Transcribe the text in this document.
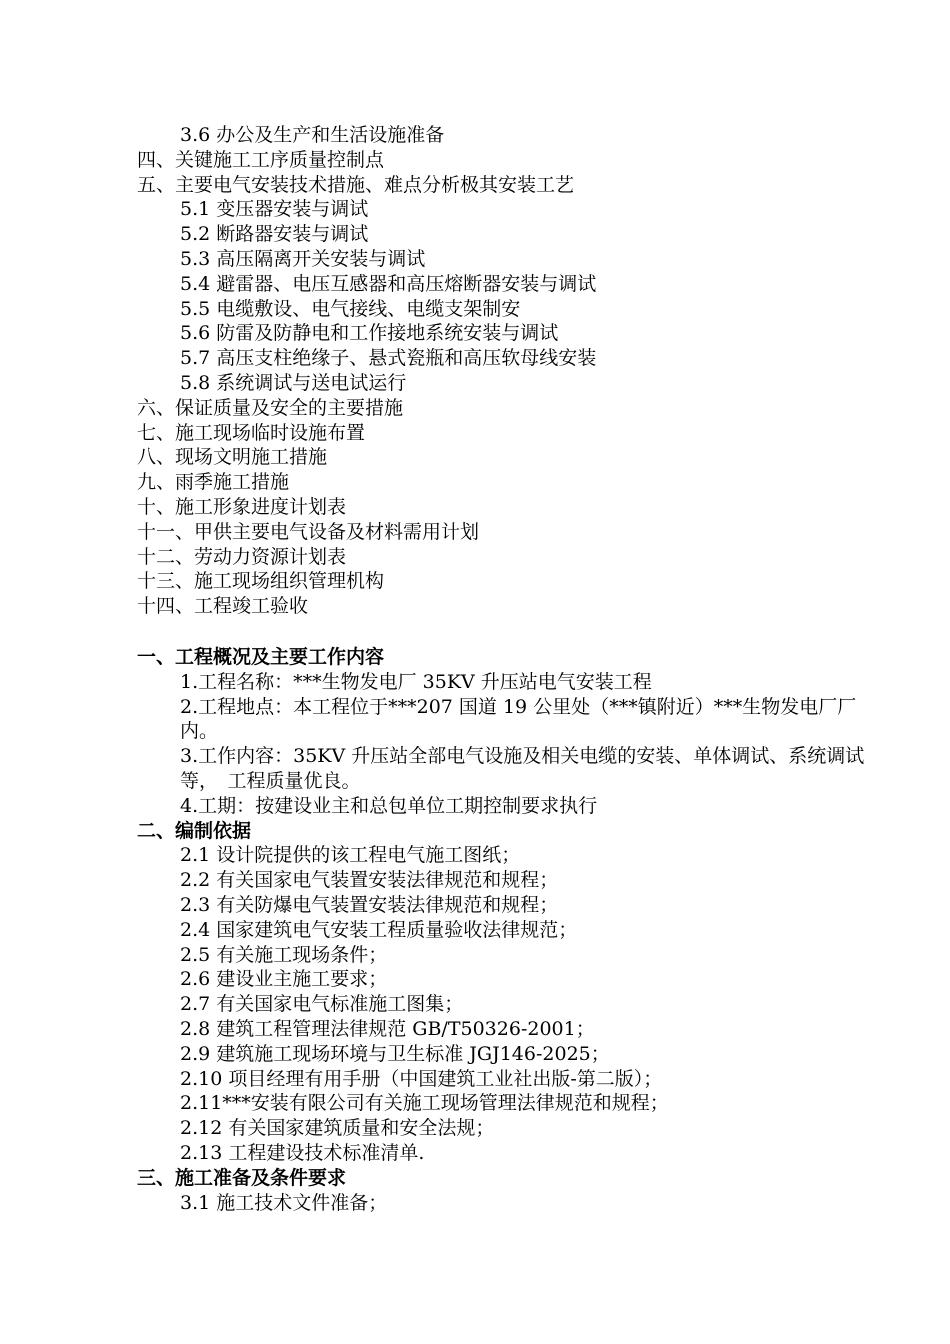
3.6 办公及生产和生活设施准备
四、关键施工工序质量控制点
五、主要电气安装技术措施、难点分析极其安装工艺
5.1 变压器安装与调试
5.2 断路器安装与调试
5.3 高压隔离开关安装与调试
5.4 避雷器、电压互感器和高压熔断器安装与调试
5.5 电缆敷设、电气接线、电缆支架制安
5.6 防雷及防静电和工作接地系统安装与调试
5.7 高压支柱绝缘子、悬式瓷瓶和高压软母线安装
5.8 系统调试与送电试运行
六、保证质量及安全的主要措施
七、施工现场临时设施布置
八、现场文明施工措施
九、雨季施工措施
十、施工形象进度计划表
十一、甲供主要电气设备及材料需用计划
十二、劳动力资源计划表
十三、施工现场组织管理机构
十四、工程竣工验收
一、工程概况及主要工作内容
1.工程名称：***生物发电厂 35KV 升压站电气安装工程
2.工程地点：本工程位于***207 国道 19 公里处（***镇附近）***生物发电厂厂内。
3.工作内容：35KV 升压站全部电气设施及相关电缆的安装、单体调试、系统调试等，　工程质量优良。
4.工期：按建设业主和总包单位工期控制要求执行
二、编制依据
2.1 设计院提供的该工程电气施工图纸；
2.2 有关国家电气装置安装法律规范和规程；
2.3 有关防爆电气装置安装法律规范和规程；
2.4 国家建筑电气安装工程质量验收法律规范；
2.5 有关施工现场条件；
2.6 建设业主施工要求；
2.7 有关国家电气标准施工图集；
2.8 建筑工程管理法律规范 GB/T50326-2001；
2.9 建筑施工现场环境与卫生标准 JGJ146-2025；
2.10 项目经理有用手册（中国建筑工业社出版-第二版）；
2.11***安装有限公司有关施工现场管理法律规范和规程；
2.12 有关国家建筑质量和安全法规；
2.13 工程建设技术标准清单.
三、施工准备及条件要求
3.1 施工技术文件准备；
